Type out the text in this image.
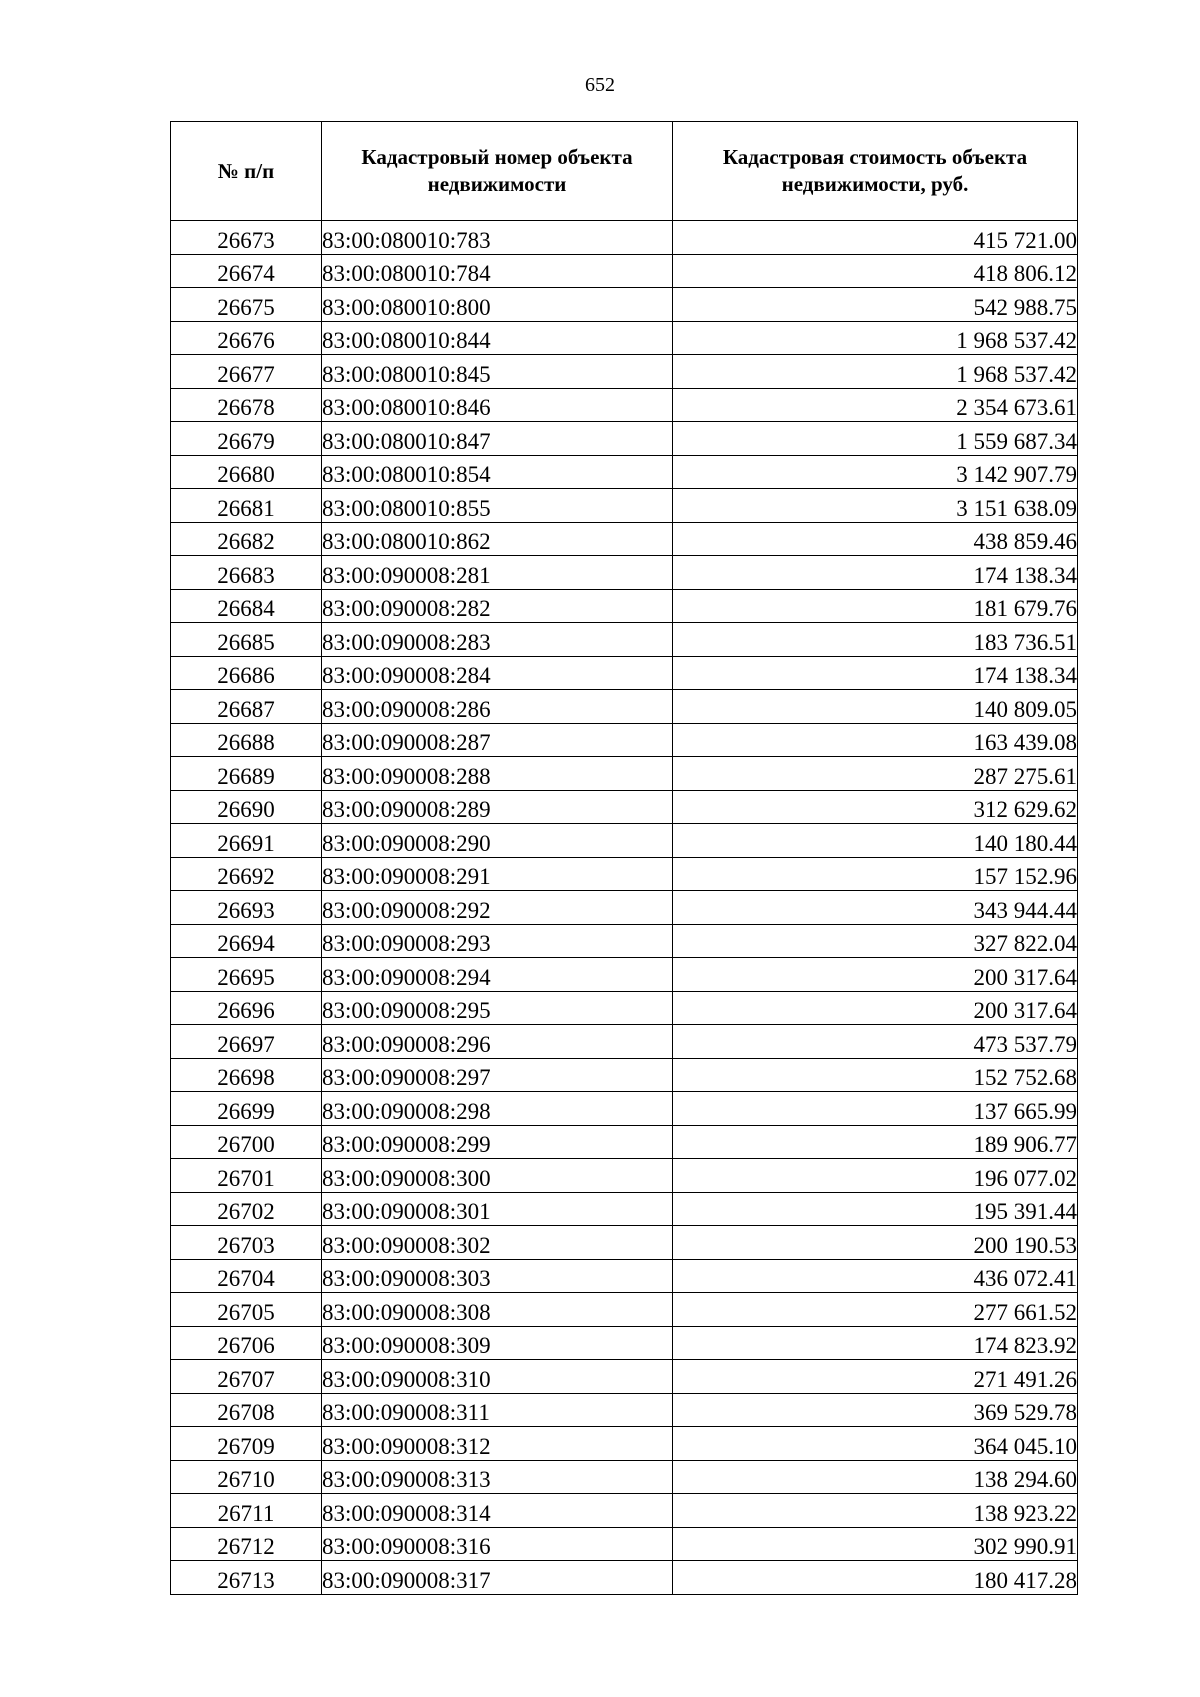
652
№ п/п	Кадастровый номер объекта недвижимости	Кадастровая стоимость объекта недвижимости, руб.
26673	83:00:080010:783	415 721.00
26674	83:00:080010:784	418 806.12
26675	83:00:080010:800	542 988.75
26676	83:00:080010:844	1 968 537.42
26677	83:00:080010:845	1 968 537.42
26678	83:00:080010:846	2 354 673.61
26679	83:00:080010:847	1 559 687.34
26680	83:00:080010:854	3 142 907.79
26681	83:00:080010:855	3 151 638.09
26682	83:00:080010:862	438 859.46
26683	83:00:090008:281	174 138.34
26684	83:00:090008:282	181 679.76
26685	83:00:090008:283	183 736.51
26686	83:00:090008:284	174 138.34
26687	83:00:090008:286	140 809.05
26688	83:00:090008:287	163 439.08
26689	83:00:090008:288	287 275.61
26690	83:00:090008:289	312 629.62
26691	83:00:090008:290	140 180.44
26692	83:00:090008:291	157 152.96
26693	83:00:090008:292	343 944.44
26694	83:00:090008:293	327 822.04
26695	83:00:090008:294	200 317.64
26696	83:00:090008:295	200 317.64
26697	83:00:090008:296	473 537.79
26698	83:00:090008:297	152 752.68
26699	83:00:090008:298	137 665.99
26700	83:00:090008:299	189 906.77
26701	83:00:090008:300	196 077.02
26702	83:00:090008:301	195 391.44
26703	83:00:090008:302	200 190.53
26704	83:00:090008:303	436 072.41
26705	83:00:090008:308	277 661.52
26706	83:00:090008:309	174 823.92
26707	83:00:090008:310	271 491.26
26708	83:00:090008:311	369 529.78
26709	83:00:090008:312	364 045.10
26710	83:00:090008:313	138 294.60
26711	83:00:090008:314	138 923.22
26712	83:00:090008:316	302 990.91
26713	83:00:090008:317	180 417.28
